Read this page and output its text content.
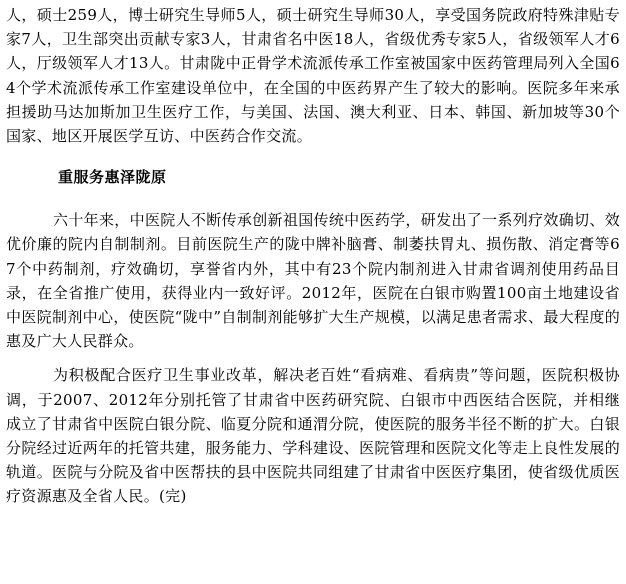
人，硕士259人，博士研究生导师5人，硕士研究生导师30人，享受国务院政府特殊津贴专家7人，卫生部突出贡献专家3人，甘肃省名中医18人，省级优秀专家5人，省级领军人才6人，厅级领军人才13人。甘肃陇中正骨学术流派传承工作室被国家中医药管理局列入全国64个学术流派传承工作室建设单位中，在全国的中医药界产生了较大的影响。医院多年来承担援助马达加斯加卫生医疗工作，与美国、法国、澳大利亚、日本、韩国、新加坡等30个国家、地区开展医学互访、中医药合作交流。

重服务惠泽陇原

六十年来，中医院人不断传承创新祖国传统中医药学，研发出了一系列疗效确切、效优价廉的院内自制制剂。目前医院生产的陇中牌补脑膏、制萎扶胃丸、损伤散、消定膏等67个中药制剂，疗效确切，享誉省内外，其中有23个院内制剂进入甘肃省调剂使用药品目录，在全省推广使用，获得业内一致好评。2012年，医院在白银市购置100亩土地建设省中医院制剂中心，使医院“陇中”自制制剂能够扩大生产规模，以满足患者需求、最大程度的惠及广大人民群众。

为积极配合医疗卫生事业改革，解决老百姓“看病难、看病贵”等问题，医院积极协调，于2007、2012年分别托管了甘肃省中医药研究院、白银市中西医结合医院，并相继成立了甘肃省中医院白银分院、临夏分院和通渭分院，使医院的服务半径不断的扩大。白银分院经过近两年的托管共建，服务能力、学科建设、医院管理和医院文化等走上良性发展的轨道。医院与分院及省中医帮扶的县中医院共同组建了甘肃省中医医疗集团，使省级优质医疗资源惠及全省人民。(完)
